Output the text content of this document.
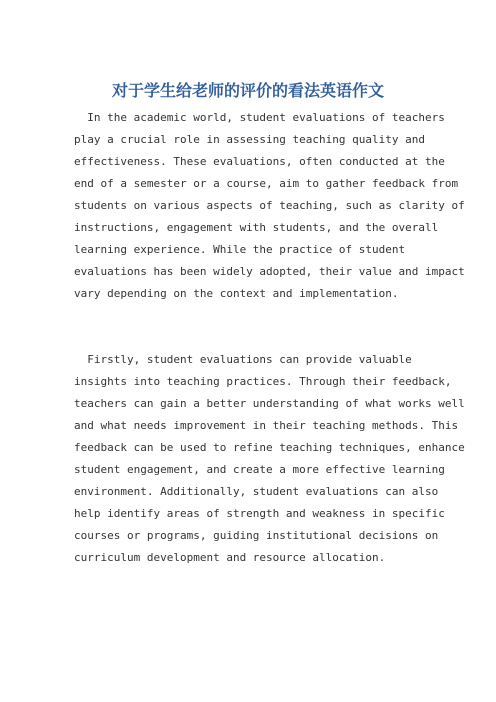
对于学生给老师的评价的看法英语作文
In the academic world, student evaluations of teachers
play a crucial role in assessing teaching quality and
effectiveness. These evaluations, often conducted at the
end of a semester or a course, aim to gather feedback from
students on various aspects of teaching, such as clarity of
instructions, engagement with students, and the overall
learning experience. While the practice of student
evaluations has been widely adopted, their value and impact
vary depending on the context and implementation.
Firstly, student evaluations can provide valuable
insights into teaching practices. Through their feedback,
teachers can gain a better understanding of what works well
and what needs improvement in their teaching methods. This
feedback can be used to refine teaching techniques, enhance
student engagement, and create a more effective learning
environment. Additionally, student evaluations can also
help identify areas of strength and weakness in specific
courses or programs, guiding institutional decisions on
curriculum development and resource allocation.
